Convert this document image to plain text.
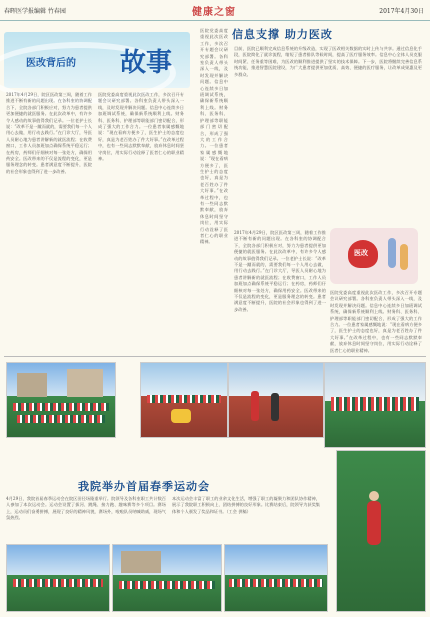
春晖医学报编辑 竹春园	健康之窗	2017年4月30日
医改背后的 故事
2017年4月29日，院区医改第三周，随着工作推进不断有新的问题出现。在各科室的协调配合下，全院各部门积极应对，努力为患者提供更加便捷的就医服务。在此次改革中，有许多令人感动的故事值得我们记录。一位老护士长说：“改革不是一蹴而就的，需要我们每一个人用心去做，用行动去践行。”在门诊大厅，导医人员耐心地为患者讲解新的就医流程；在收费窗口，工作人员加班加点确保系统平稳运行；在药房，药师们仔细核对每一张处方，确保用药安全。医改带来的不仅是流程的变化，更是服务理念的转变。患者满意度不断提升，医院的社会形象也得到了进一步改善。
医院党委高度重视此次医改工作，多次召开专题会议研究部署。各科室负责人带头深入一线，及时发现并解决问题。信息中心连续多日加班调试系统，确保新系统顺利上线。财务科、医务科、护理部等职能部门密切配合，形成了强大的工作合力。一位患者家属感慨地说：“现在看病方便多了，医生护士的态度也好，真是为老百姓办了件大好事。”在改革过程中，也有一些同志默默奉献，放弃休息时间坚守岗位，用实际行动诠释了医者仁心的职业精神。
医院党委高度重视此次医改工作，多次召开专题会议研究部署。各科室负责人带头深入一线，及时发现并解决问题。信息中心连续多日加班调试系统，确保新系统顺利上线。财务科、医务科、护理部等职能部门密切配合，形成了强大的工作合力。一位患者家属感慨地说：“现在看病方便多了，医生护士的态度也好，真是为老百姓办了件大好事。”在改革过程中，也有一些同志默默奉献，放弃休息时间坚守岗位，用实际行动诠释了医者仁心的职业精神。
信息支撑 助力医改
目前，医院已顺利完成信息系统的升级改造，实现了医改相关数据的实时上传与共享。通过信息化手段，医院简化了就诊流程，缩短了患者排队等候时间，提高了医疗服务效率。信息中心全体人员克服时间紧、任务重等困难，为医改的顺利推进提供了坚实的技术保障。下一步，医院将继续完善信息系统功能，推进智慧医院建设，为广大患者提供更加优质、高效、便捷的医疗服务，让改革成果惠及更多群众。
2017年4月29日，院区医改第三周，随着工作推进不断有新的问题出现。在各科室的协调配合下，全院各部门积极应对，努力为患者提供更加便捷的就医服务。在此次改革中，有许多令人感动的故事值得我们记录。一位老护士长说：“改革不是一蹴而就的，需要我们每一个人用心去做，用行动去践行。”在门诊大厅，导医人员耐心地为患者讲解新的就医流程；在收费窗口，工作人员加班加点确保系统平稳运行；在药房，药师们仔细核对每一张处方，确保用药安全。医改带来的不仅是流程的变化，更是服务理念的转变。患者满意度不断提升，医院的社会形象也得到了进一步改善。
医改
医院党委高度重视此次医改工作，多次召开专题会议研究部署。各科室负责人带头深入一线，及时发现并解决问题。信息中心连续多日加班调试系统，确保新系统顺利上线。财务科、医务科、护理部等职能部门密切配合，形成了强大的工作合力。一位患者家属感慨地说：“现在看病方便多了，医生护士的态度也好，真是为老百姓办了件大好事。”在改革过程中，也有一些同志默默奉献，放弃休息时间坚守岗位，用实际行动诠释了医者仁心的职业精神。
我院举办首届春季运动会
4月29日，我院首届春季运动会在院区田径场隆重举行。院领导及各科室职工共计数百人参加了本次运动会。运动会设置了拔河、跳绳、接力跑、趣味赛等多个项目。赛场上，运动员们奋勇拼搏，展现了良好的精神风貌，赛场外，啦啦队员呐喊助威，现场气氛热烈。
本次运动会丰富了职工的业余文化生活，增强了职工的凝聚力和团队协作精神，展示了我院职工积极向上、团结拼搏的良好形象。比赛结束后，院领导为获奖集体和个人颁发了奖品和证书。（工会 供稿）
